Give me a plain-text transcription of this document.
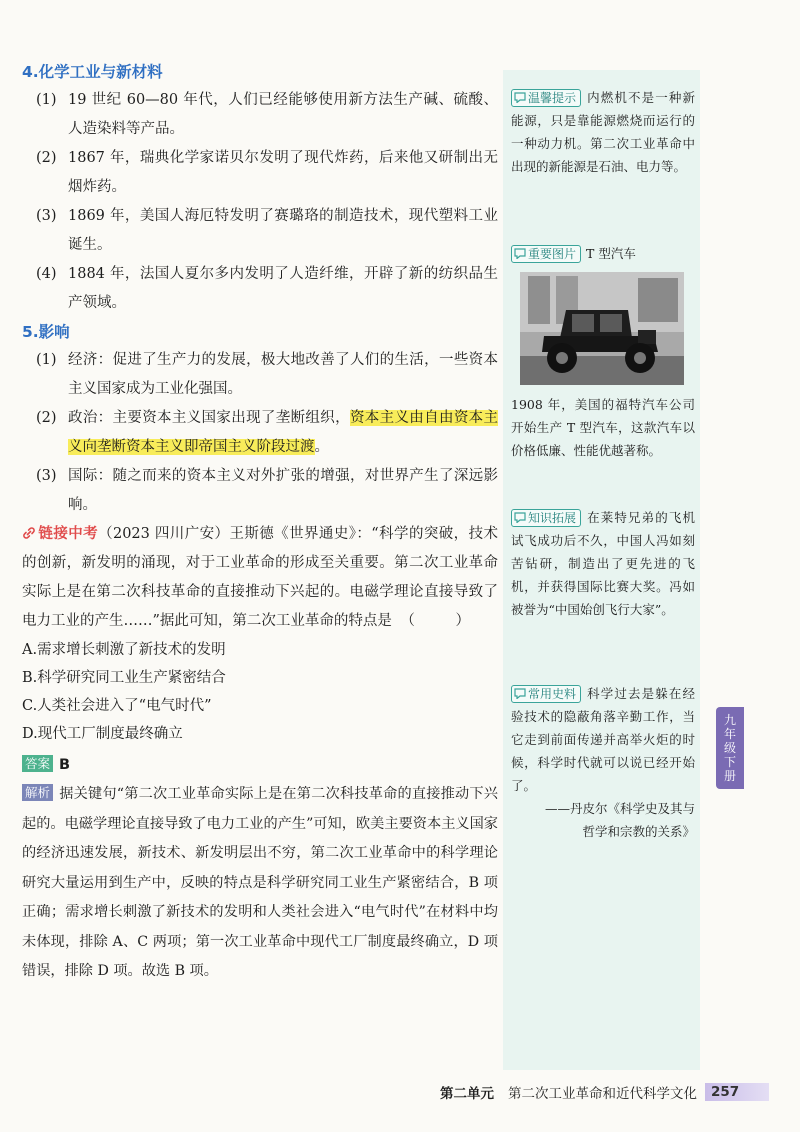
4.化学工业与新材料
(1) 19 世纪 60—80 年代，人们已经能够使用新方法生产碱、硫酸、人造染料等产品。
(2) 1867 年，瑞典化学家诺贝尔发明了现代炸药，后来他又研制出无烟炸药。
(3) 1869 年，美国人海厄特发明了赛璐珞的制造技术，现代塑料工业诞生。
(4) 1884 年，法国人夏尔多内发明了人造纤维，开辟了新的纺织品生产领域。
5.影响
(1) 经济：促进了生产力的发展，极大地改善了人们的生活，一些资本主义国家成为工业化强国。
(2) 政治：主要资本主义国家出现了垄断组织，资本主义由自由资本主义向垄断资本主义即帝国主义阶段过渡。
(3) 国际：随之而来的资本主义对外扩张的增强，对世界产生了深远影响。

链接中考（2023 四川广安）王斯德《世界通史》：“科学的突破，技术的创新，新发明的涌现，对于工业革命的形成至关重要。第二次工业革命实际上是在第二次科技革命的直接推动下兴起的。电磁学理论直接导致了电力工业的产生……”据此可知，第二次工业革命的特点是 （ ）

A.需求增长刺激了新技术的发明

B.科学研究同工业生产紧密结合

C.人类社会进入了“电气时代”

D.现代工厂制度最终确立

答案 B

解析 据关键句“第二次工业革命实际上是在第二次科技革命的直接推动下兴起的。电磁学理论直接导致了电力工业的产生”可知，欧美主要资本主义国家的经济迅速发展，新技术、新发明层出不穷，第二次工业革命中的科学理论研究大量运用到生产中，反映的特点是科学研究同工业生产紧密结合，B 项正确；需求增长刺激了新技术的发明和人类社会进入“电气时代”在材料中均未体现，排除 A、C 两项；第一次工业革命中现代工厂制度最终确立，D 项错误，排除 D 项。故选 B 项。

温馨提示 内燃机不是一种新能源，只是靠能源燃烧而运行的一种动力机。第二次工业革命中出现的新能源是石油、电力等。
重要图片 T 型汽车
1908 年，美国的福特汽车公司开始生产 T 型汽车，这款汽车以价格低廉、性能优越著称。
知识拓展 在莱特兄弟的飞机试飞成功后不久，中国人冯如刻苦钻研，制造出了更先进的飞机，并获得国际比赛大奖。冯如被誉为“中国始创飞行大家”。
常用史料 科学过去是躲在经验技术的隐蔽角落辛勤工作，当它走到前面传递并高举火炬的时候，科学时代就可以说已经开始了。
——丹皮尔《科学史及其与
哲学和宗教的关系》
九年级下册
第二单元 第二次工业革命和近代科学文化	257
